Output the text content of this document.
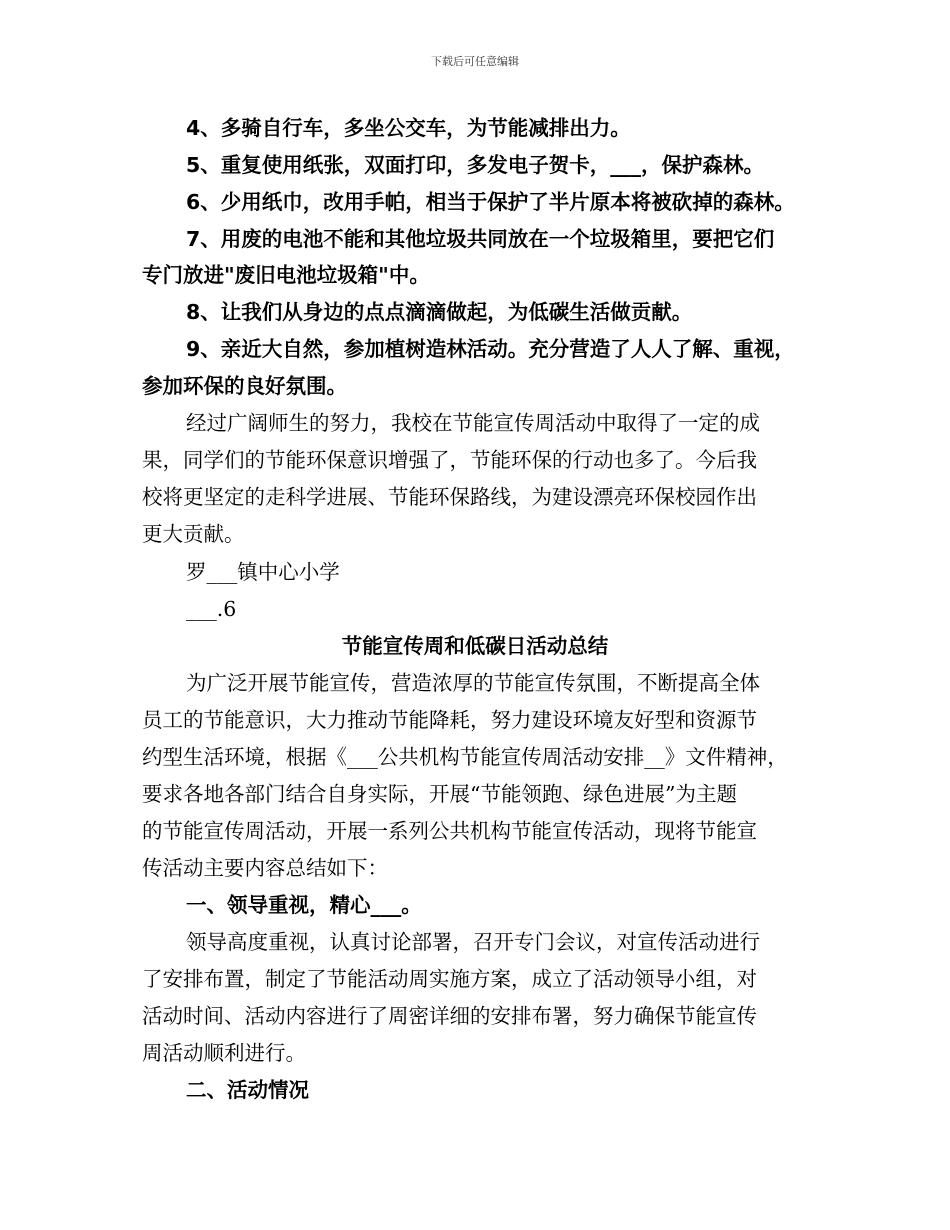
下载后可任意编辑
4、多骑自行车，多坐公交车，为节能减排出力。
5、重复使用纸张，双面打印，多发电子贺卡，___，保护森林。
6、少用纸巾，改用手帕，相当于保护了半片原本将被砍掉的森林。
7、用废的电池不能和其他垃圾共同放在一个垃圾箱里，要把它们
专门放进"废旧电池垃圾箱"中。
8、让我们从身边的点点滴滴做起，为低碳生活做贡献。
9、亲近大自然，参加植树造林活动。充分营造了人人了解、重视，
参加环保的良好氛围。
经过广阔师生的努力，我校在节能宣传周活动中取得了一定的成
果，同学们的节能环保意识增强了，节能环保的行动也多了。今后我
校将更坚定的走科学进展、节能环保路线，为建设漂亮环保校园作出
更大贡献。
罗___镇中心小学
___.6
节能宣传周和低碳日活动总结
为广泛开展节能宣传，营造浓厚的节能宣传氛围，不断提高全体
员工的节能意识，大力推动节能降耗，努力建设环境友好型和资源节
约型生活环境，根据《___公共机构节能宣传周活动安排__》文件精神，
要求各地各部门结合自身实际，开展“节能领跑、绿色进展”为主题
的节能宣传周活动，开展一系列公共机构节能宣传活动，现将节能宣
传活动主要内容总结如下：
一、领导重视，精心___。
领导高度重视，认真讨论部署，召开专门会议，对宣传活动进行
了安排布置，制定了节能活动周实施方案，成立了活动领导小组，对
活动时间、活动内容进行了周密详细的安排布署，努力确保节能宣传
周活动顺利进行。
二、活动情况
